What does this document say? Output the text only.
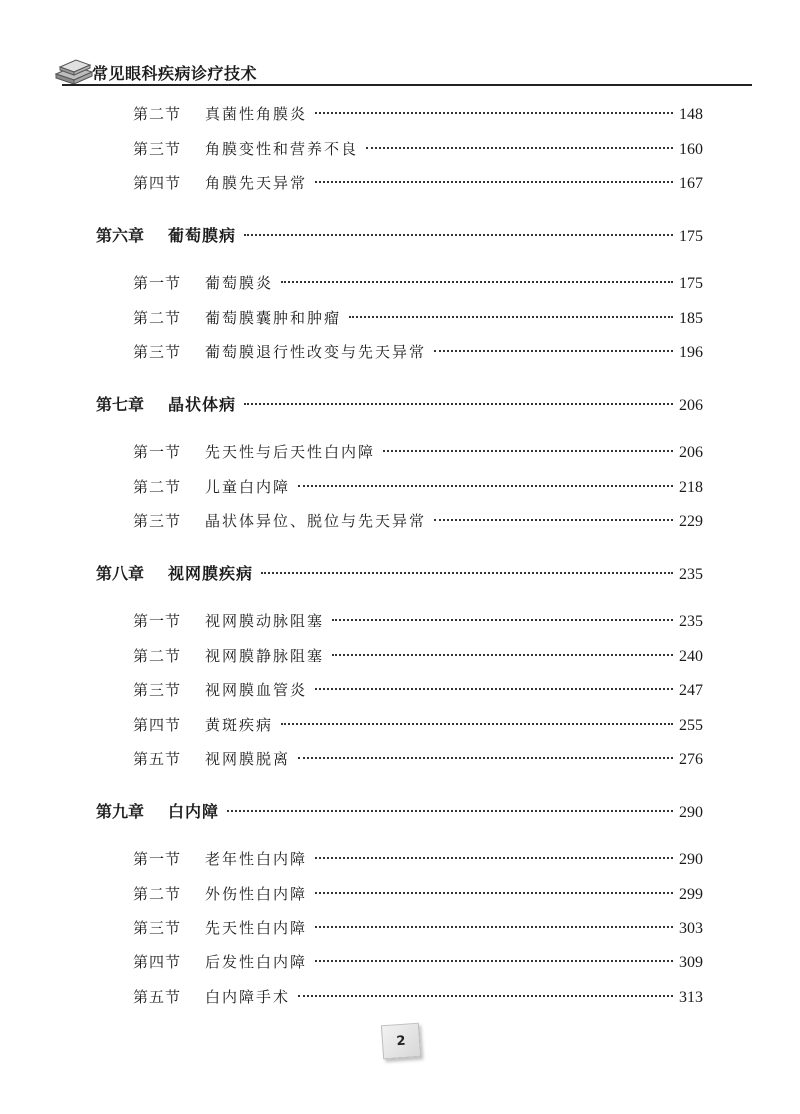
常见眼科疾病诊疗技术
第二节	真菌性角膜炎	148
第三节	角膜变性和营养不良	160
第四节	角膜先天异常	167
第六章	葡萄膜病	175
第一节	葡萄膜炎	175
第二节	葡萄膜囊肿和肿瘤	185
第三节	葡萄膜退行性改变与先天异常	196
第七章	晶状体病	206
第一节	先天性与后天性白内障	206
第二节	儿童白内障	218
第三节	晶状体异位、脱位与先天异常	229
第八章	视网膜疾病	235
第一节	视网膜动脉阻塞	235
第二节	视网膜静脉阻塞	240
第三节	视网膜血管炎	247
第四节	黄斑疾病	255
第五节	视网膜脱离	276
第九章	白内障	290
第一节	老年性白内障	290
第二节	外伤性白内障	299
第三节	先天性白内障	303
第四节	后发性白内障	309
第五节	白内障手术	313
2
